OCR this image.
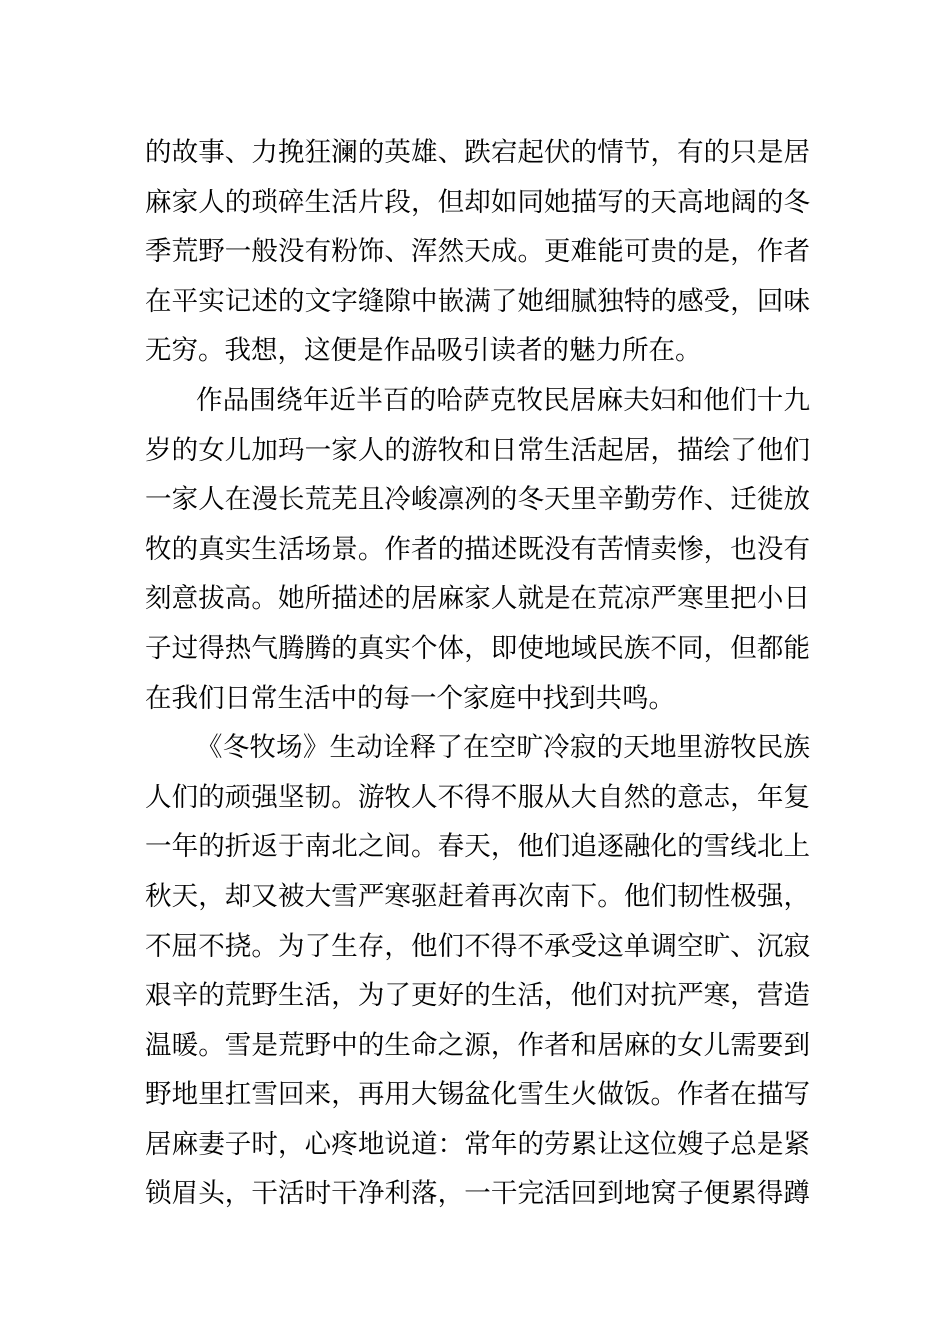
的故事、力挽狂澜的英雄、跌宕起伏的情节，有的只是居
麻家人的琐碎生活片段，但却如同她描写的天高地阔的冬
季荒野一般没有粉饰、浑然天成。更难能可贵的是，作者
在平实记述的文字缝隙中嵌满了她细腻独特的感受，回味
无穷。我想，这便是作品吸引读者的魅力所在。
作品围绕年近半百的哈萨克牧民居麻夫妇和他们十九
岁的女儿加玛一家人的游牧和日常生活起居，描绘了他们
一家人在漫长荒芜且冷峻凛冽的冬天里辛勤劳作、迁徙放
牧的真实生活场景。作者的描述既没有苦情卖惨，也没有
刻意拔高。她所描述的居麻家人就是在荒凉严寒里把小日
子过得热气腾腾的真实个体，即使地域民族不同，但都能
在我们日常生活中的每一个家庭中找到共鸣。
《冬牧场》生动诠释了在空旷冷寂的天地里游牧民族
人们的顽强坚韧。游牧人不得不服从大自然的意志，年复
一年的折返于南北之间。春天，他们追逐融化的雪线北上
秋天，却又被大雪严寒驱赶着再次南下。他们韧性极强，
不屈不挠。为了生存，他们不得不承受这单调空旷、沉寂
艰辛的荒野生活，为了更好的生活，他们对抗严寒，营造
温暖。雪是荒野中的生命之源，作者和居麻的女儿需要到
野地里扛雪回来，再用大锡盆化雪生火做饭。作者在描写
居麻妻子时，心疼地说道：常年的劳累让这位嫂子总是紧
锁眉头，干活时干净利落，一干完活回到地窝子便累得蹲
